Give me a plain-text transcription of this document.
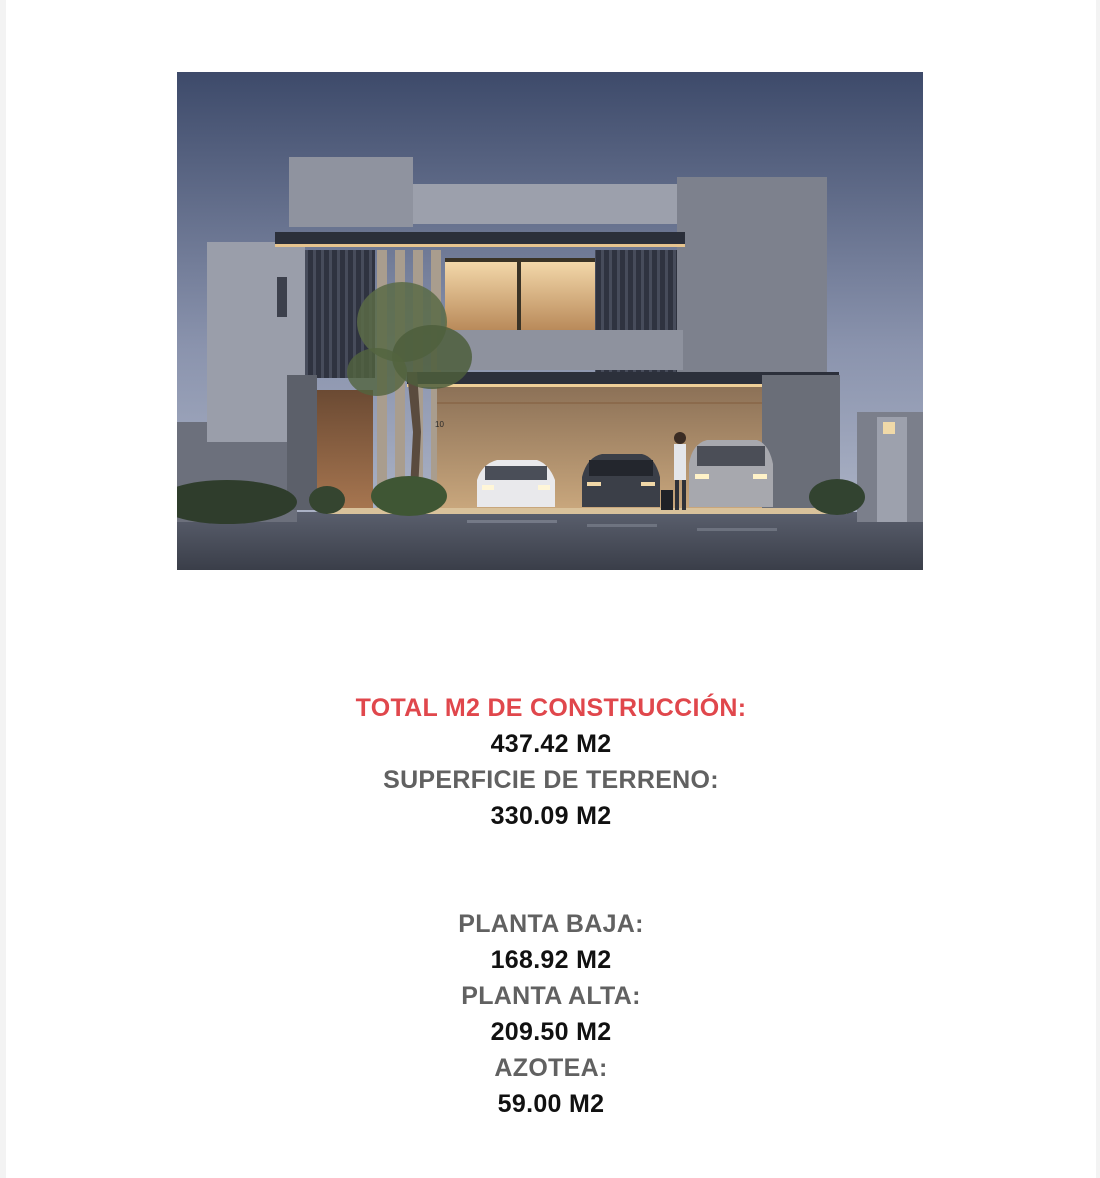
10
TOTAL M2 DE CONSTRUCCIÓN:
437.42 M2
SUPERFICIE DE TERRENO:
330.09 M2
PLANTA BAJA:
168.92 M2
PLANTA ALTA:
209.50 M2
AZOTEA:
59.00 M2
